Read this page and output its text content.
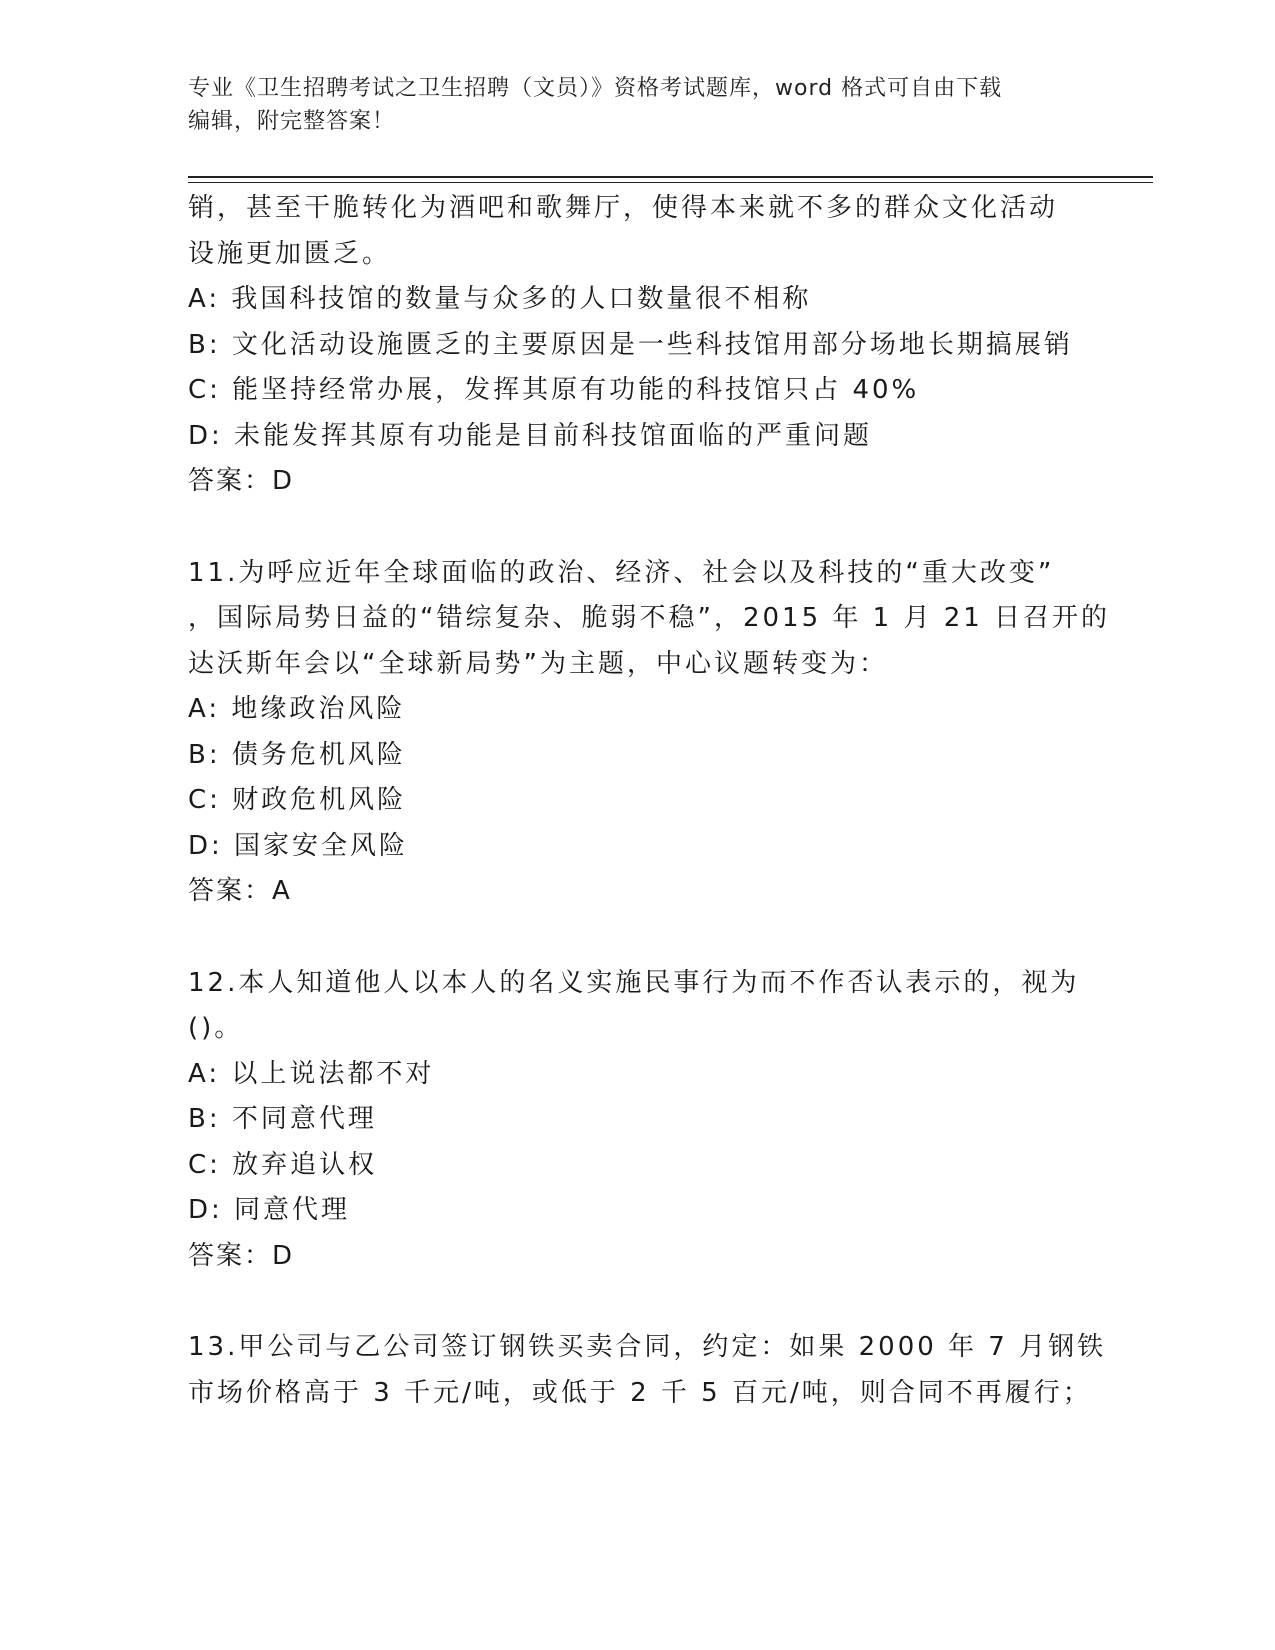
专业《卫生招聘考试之卫生招聘（文员）》资格考试题库，word 格式可自由下载
编辑，附完整答案！
销，甚至干脆转化为酒吧和歌舞厅，使得本来就不多的群众文化活动
设施更加匮乏。
A: 我国科技馆的数量与众多的人口数量很不相称
B: 文化活动设施匮乏的主要原因是一些科技馆用部分场地长期搞展销
C: 能坚持经常办展，发挥其原有功能的科技馆只占 40%
D: 未能发挥其原有功能是目前科技馆面临的严重问题
答案：D
11.为呼应近年全球面临的政治、经济、社会以及科技的“重大改变”
，国际局势日益的“错综复杂、脆弱不稳”，2015 年 1 月 21 日召开的
达沃斯年会以“全球新局势”为主题，中心议题转变为：
A: 地缘政治风险
B: 债务危机风险
C: 财政危机风险
D: 国家安全风险
答案：A
12.本人知道他人以本人的名义实施民事行为而不作否认表示的，视为
()。
A: 以上说法都不对
B: 不同意代理
C: 放弃追认权
D: 同意代理
答案：D
13.甲公司与乙公司签订钢铁买卖合同，约定：如果 2000 年 7 月钢铁
市场价格高于 3 千元/吨，或低于 2 千 5 百元/吨，则合同不再履行；
